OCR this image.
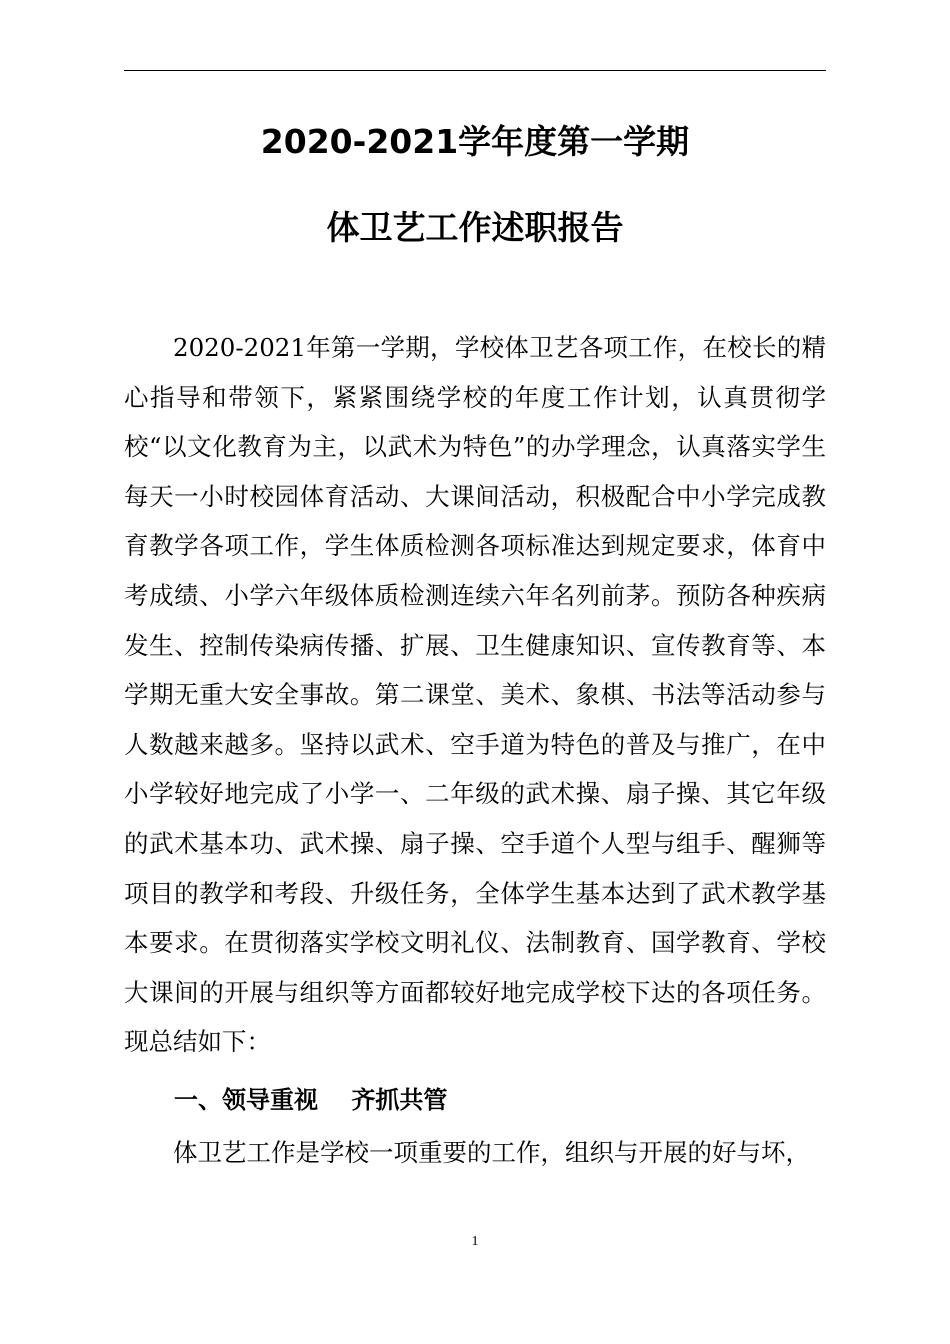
2020-2021学年度第一学期
体卫艺工作述职报告

2020-2021年第一学期，学校体卫艺各项工作，在校长的精心指导和带领下，紧紧围绕学校的年度工作计划，认真贯彻学校“以文化教育为主，以武术为特色”的办学理念，认真落实学生每天一小时校园体育活动、大课间活动，积极配合中小学完成教育教学各项工作，学生体质检测各项标准达到规定要求，体育中考成绩、小学六年级体质检测连续六年名列前茅。预防各种疾病发生、控制传染病传播、扩展、卫生健康知识、宣传教育等、本学期无重大安全事故。第二课堂、美术、象棋、书法等活动参与人数越来越多。坚持以武术、空手道为特色的普及与推广，在中小学较好地完成了小学一、二年级的武术操、扇子操、其它年级的武术基本功、武术操、扇子操、空手道个人型与组手、醒狮等项目的教学和考段、升级任务，全体学生基本达到了武术教学基本要求。在贯彻落实学校文明礼仪、法制教育、国学教育、学校大课间的开展与组织等方面都较好地完成学校下达的各项任务。现总结如下：

一、领导重视    齐抓共管

体卫艺工作是学校一项重要的工作，组织与开展的好与坏，

1
